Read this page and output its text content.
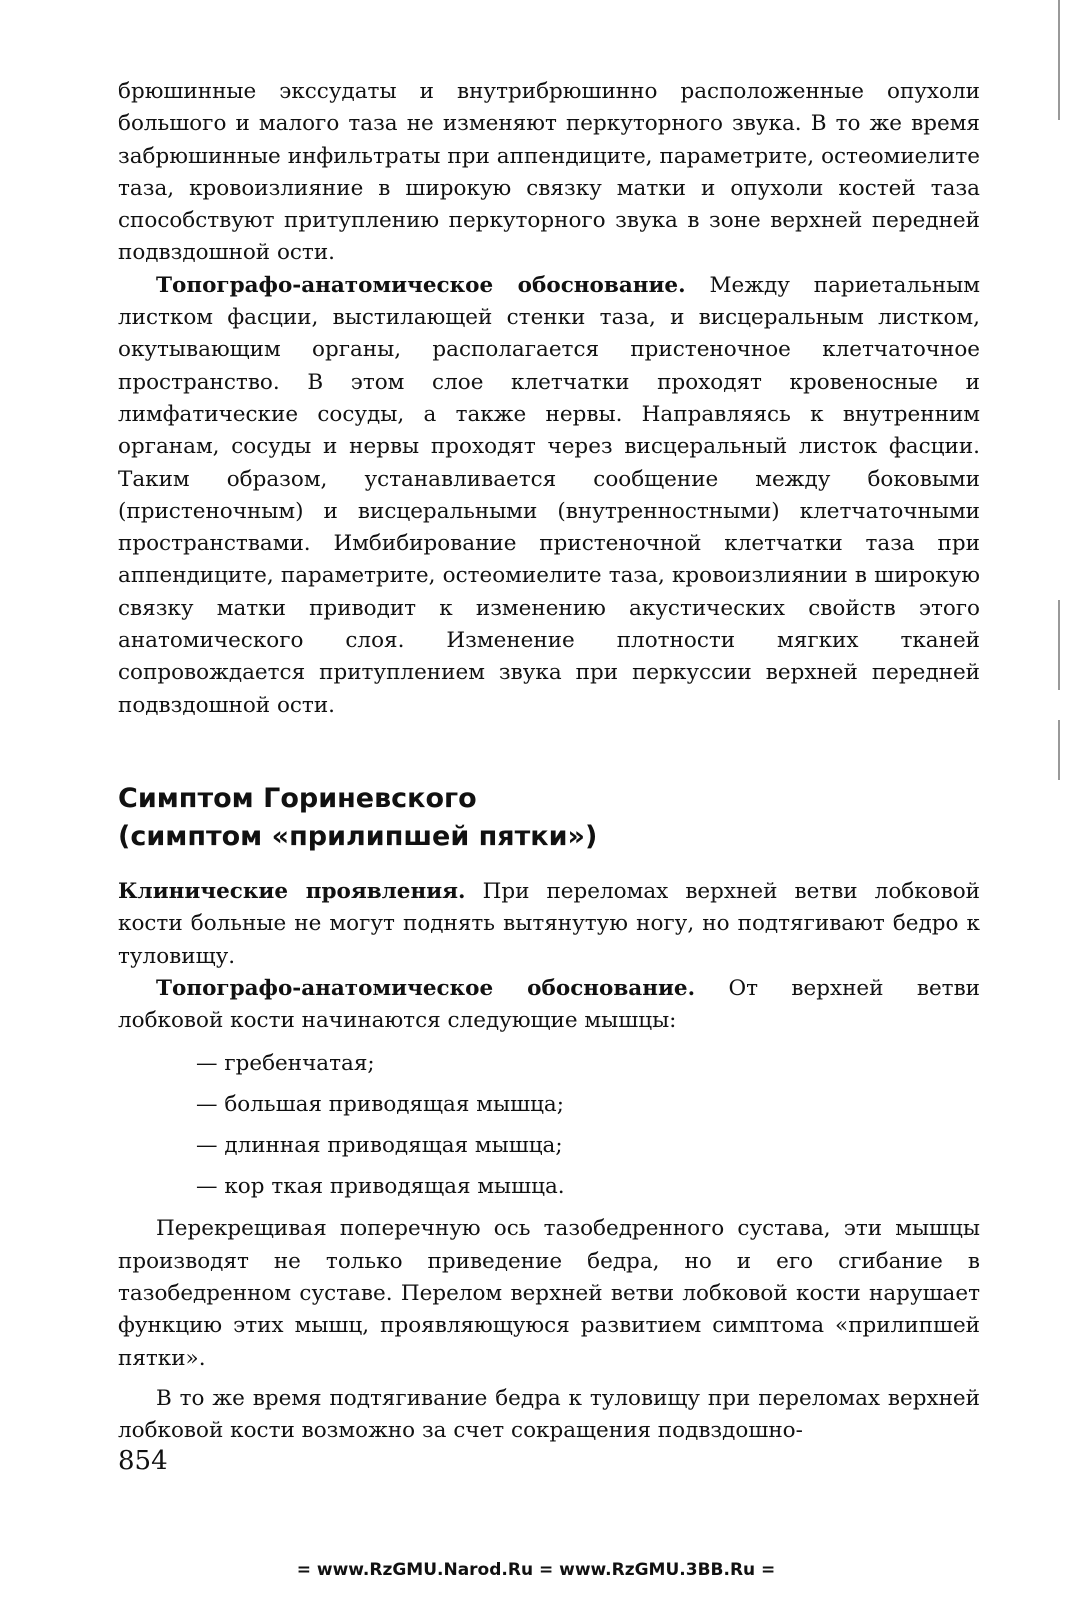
брюшинные экссудаты и внутрибрюшинно расположенные опухоли большого и малого таза не изменяют перкуторного звука. В то же время забрюшинные инфильтраты при аппендиците, параметрите, остеомиелите таза, кровоизлияние в широкую связку матки и опухоли костей таза способствуют притуплению перкуторного звука в зоне верхней передней подвздошной ости.

Топографо-анатомическое обоснование. Между париетальным листком фасции, выстилающей стенки таза, и висцеральным листком, окутывающим органы, располагается пристеночное клетчаточное пространство. В этом слое клетчатки проходят кровеносные и лимфатические сосуды, а также нервы. Направляясь к внутренним органам, сосуды и нервы проходят через висцеральный листок фасции. Таким образом, устанавливается сообщение между боковыми (пристеночным) и висцеральными (внутренностными) клетчаточными пространствами. Имбибирование пристеночной клетчатки таза при аппендиците, параметрите, остеомиелите таза, кровоизлиянии в широкую связку матки приводит к изменению акустических свойств этого анатомического слоя. Изменение плотности мягких тканей сопровождается притуплением звука при перкуссии верхней передней подвздошной ости.

Симптом Гориневского
(симптом «прилипшей пятки»)

Клинические проявления. При переломах верхней ветви лобковой кости больные не могут поднять вытянутую ногу, но подтягивают бедро к туловищу.

Топографо-анатомическое обоснование. От верхней ветви лобковой кости начинаются следующие мышцы:

— гребенчатая;
— большая приводящая мышца;
— длинная приводящая мышца;
— кор ткая приводящая мышца.

Перекрещивая поперечную ось тазобедренного сустава, эти мышцы производят не только приведение бедра, но и его сгибание в тазобедренном суставе. Перелом верхней ветви лобковой кости нарушает функцию этих мышц, проявляющуюся развитием симптома «прилипшей пятки».

В то же время подтягивание бедра к туловищу при переломах верхней лобковой кости возможно за счет сокращения подвздошно-

854
= www.RzGMU.Narod.Ru = www.RzGMU.3BB.Ru =
